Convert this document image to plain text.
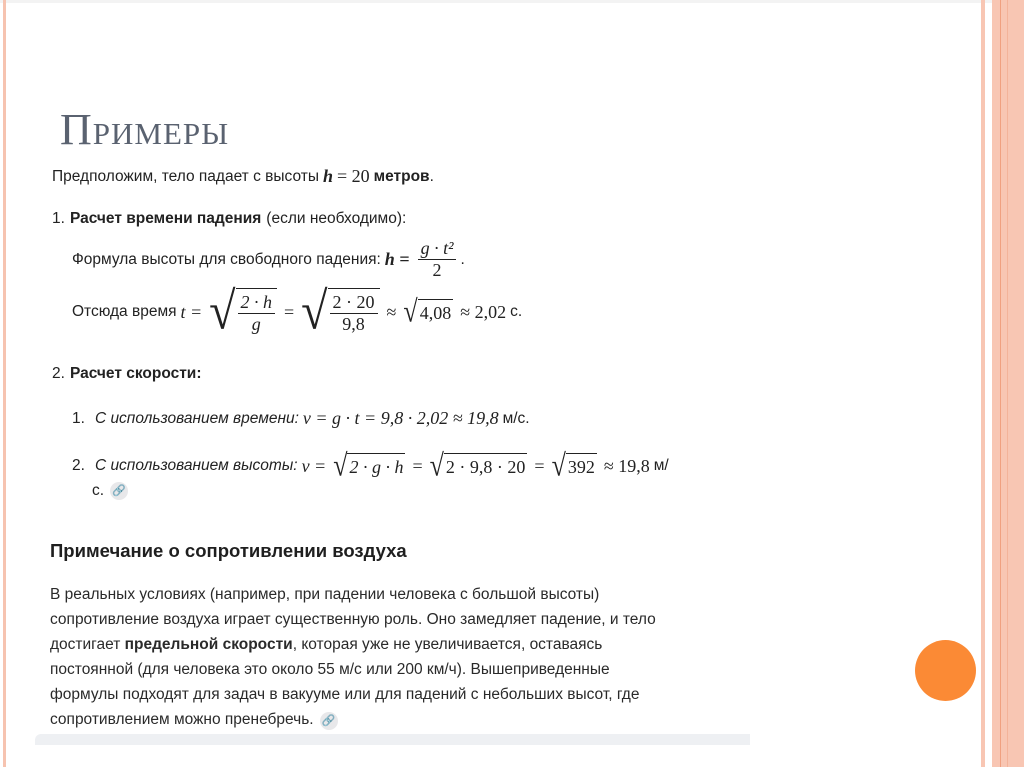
Примеры
Предположим, тело падает с высоты h = 20 метров .
1. Расчет времени падения (если необходимо):
Формула высоты для свободного падения: $h = \frac{\text{g · t²}}{2}$ .
Отсюда время t = √ $\frac{2 \cdot h}{g}$ = √ $\frac{2 \cdot 20}{9,8}$ ≈ √ 4,08 ≈ 2,02 с.
2. Расчет скорости:
1. С использованием времени: v = g · t = 9,8 · 2,02 ≈ 19,8 м/с.
2. С использованием высоты: v = √ 2 · g · h = √ 2 · 9,8 · 20 = √ 392 ≈ 19,8 м/
с. 🔗
Примечание о сопротивлении воздуха
В реальных условиях (например, при падении человека с большой высоты)
сопротивление воздуха играет существенную роль. Оно замедляет падение, и тело
достигает предельной скорости, которая уже не увеличивается, оставаясь
постоянной (для человека это около 55 м/с или 200 км/ч). Вышеприведенные
формулы подходят для задач в вакууме или для падений с небольших высот, где
сопротивлением можно пренебречь. 🔗
